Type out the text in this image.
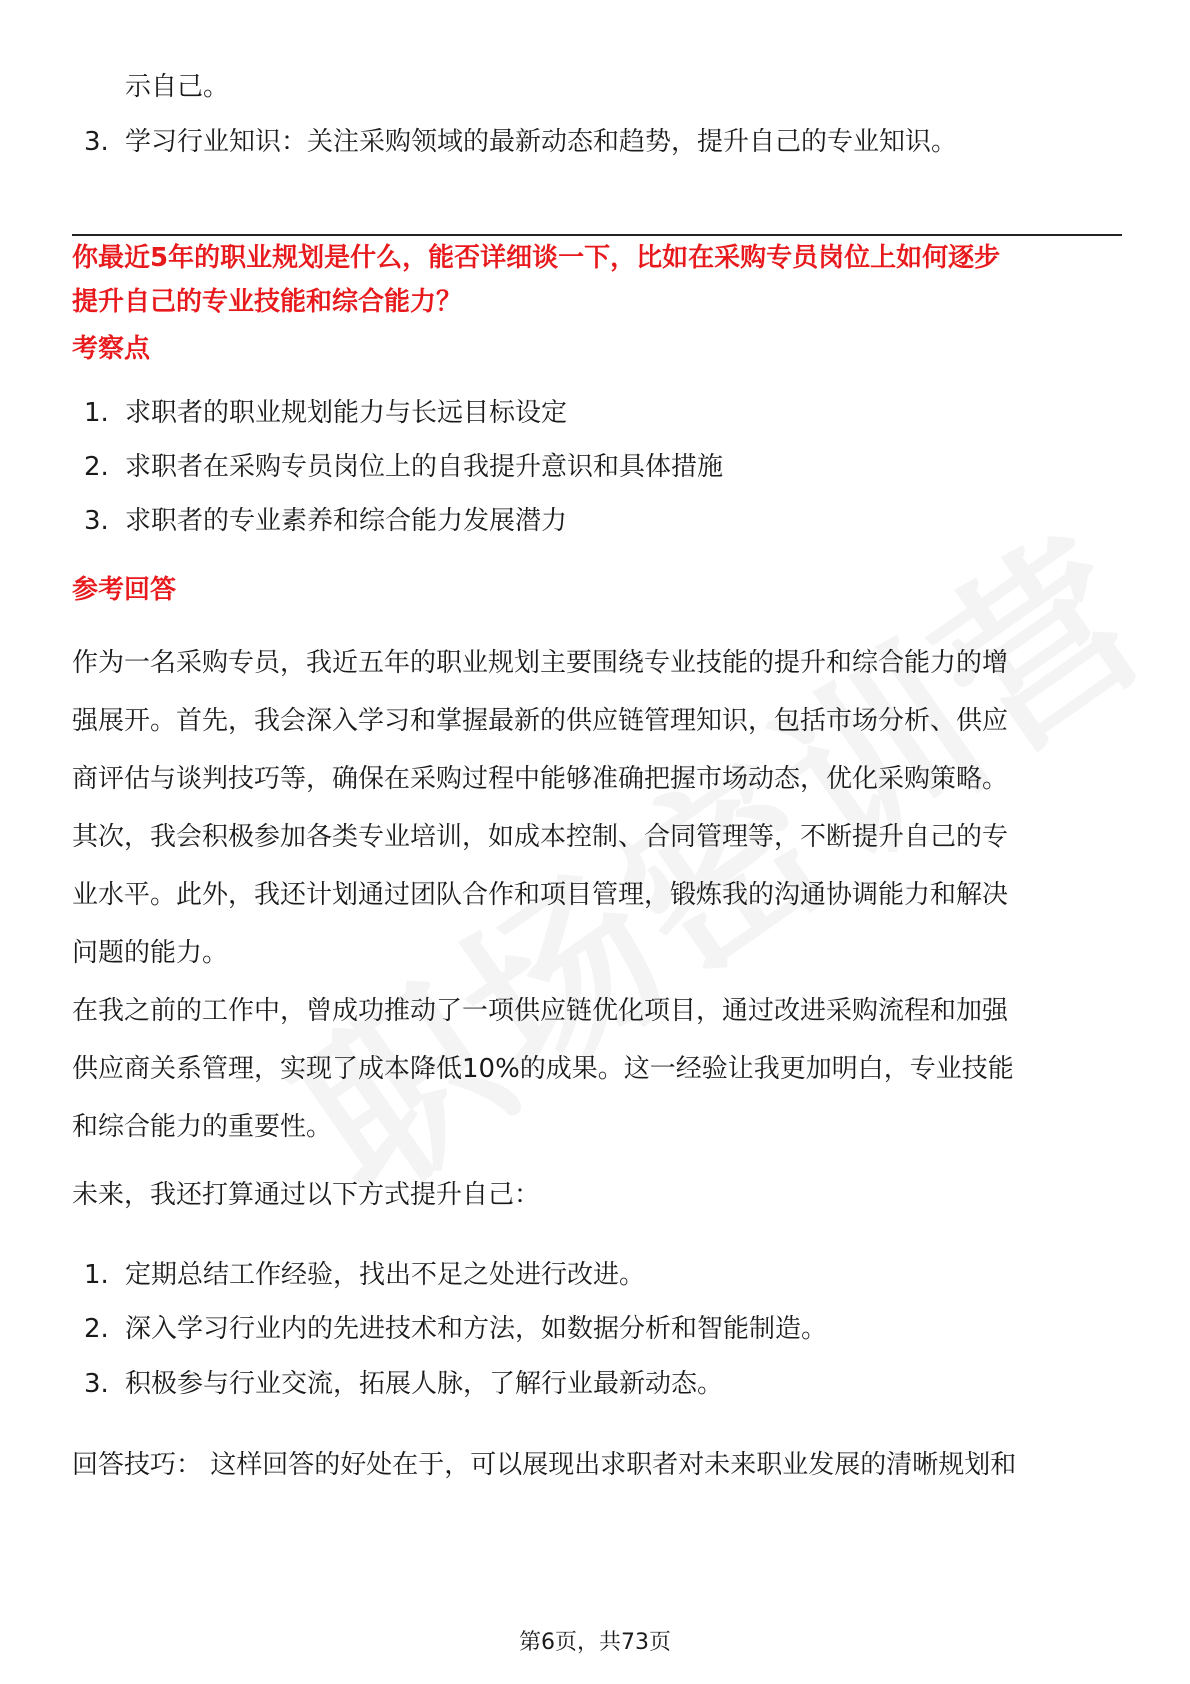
示自己。
3. 学习行业知识：关注采购领域的最新动态和趋势，提升自己的专业知识。
你最近5年的职业规划是什么，能否详细谈一下，比如在采购专员岗位上如何逐步
提升自己的专业技能和综合能力？
考察点
1. 求职者的职业规划能力与长远目标设定
2. 求职者在采购专员岗位上的自我提升意识和具体措施
3. 求职者的专业素养和综合能力发展潜力
参考回答
作为一名采购专员，我近五年的职业规划主要围绕专业技能的提升和综合能力的增
强展开。首先，我会深入学习和掌握最新的供应链管理知识，包括市场分析、供应
商评估与谈判技巧等，确保在采购过程中能够准确把握市场动态，优化采购策略。
其次，我会积极参加各类专业培训，如成本控制、合同管理等，不断提升自己的专
业水平。此外，我还计划通过团队合作和项目管理，锻炼我的沟通协调能力和解决
问题的能力。
在我之前的工作中，曾成功推动了一项供应链优化项目，通过改进采购流程和加强
供应商关系管理，实现了成本降低10%的成果。这一经验让我更加明白，专业技能
和综合能力的重要性。
未来，我还打算通过以下方式提升自己：
1. 定期总结工作经验，找出不足之处进行改进。
2. 深入学习行业内的先进技术和方法，如数据分析和智能制造。
3. 积极参与行业交流，拓展人脉，了解行业最新动态。
回答技巧： 这样回答的好处在于，可以展现出求职者对未来职业发展的清晰规划和
第6页，共73页
